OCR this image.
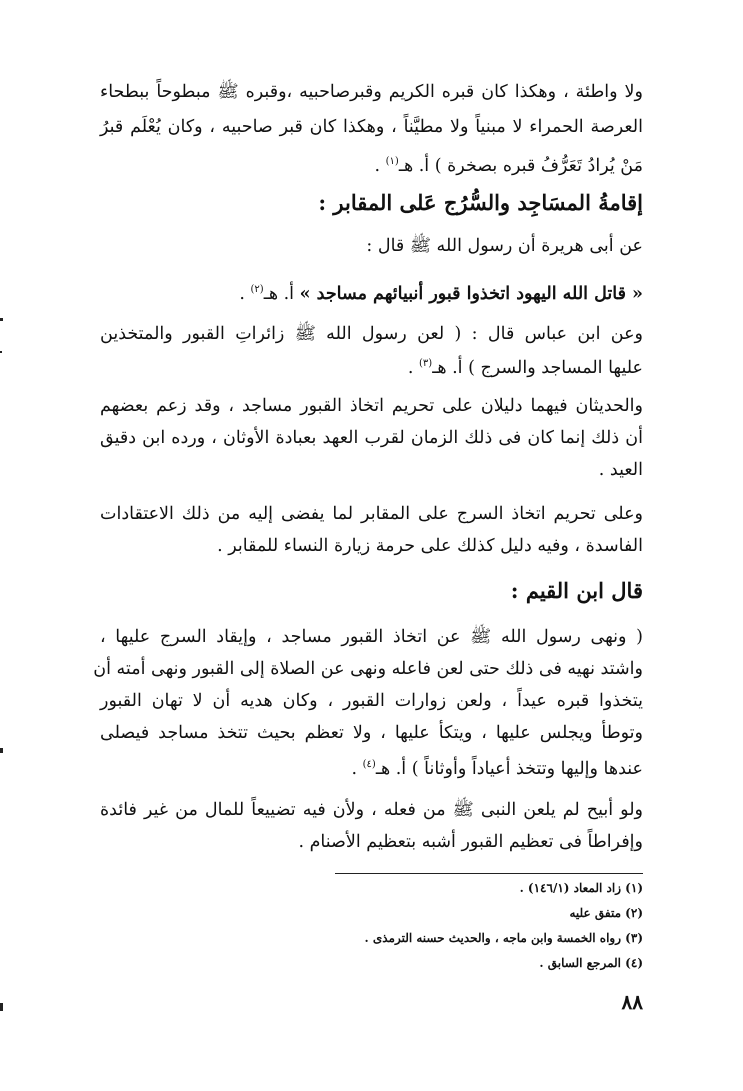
ولا واطئة ، وهكذا كان قبره الكريم وقبرصاحبيه ،وقبره ﷺ مبطوحاً ببطحاء
العرصة الحمراء لا مبنياً ولا مطيَّناً ، وهكذا كان قبر صاحبيه ، وكان يُعْلَم قبرُ
مَنْ يُرادُ تَعَرُّفُ قبره بصخرة ) أ. هـ$^{(١)}$ .
إقامةُ المسَاجِد والسُّرُج عَلى المقابر :
عن أبى هريرة أن رسول الله ﷺ قال :
« قاتل الله اليهود اتخذوا قبور أنبيائهم مساجد » أ. هـ$^{(٢)}$ .
وعن ابن عباس قال : ( لعن رسول الله ﷺ زائراتِ القبور والمتخذين
عليها المساجد والسرج ) أ. هـ$^{(٣)}$ .
والحديثان فيهما دليلان على تحريم اتخاذ القبور مساجد ، وقد زعم بعضهم
أن ذلك إنما كان فى ذلك الزمان لقرب العهد بعبادة الأوثان ، ورده ابن دقيق
العيد .
وعلى تحريم اتخاذ السرج على المقابر لما يفضى إليه من ذلك الاعتقادات
الفاسدة ، وفيه دليل كذلك على حرمة زيارة النساء للمقابر .
قال ابن القيم :
( ونهى رسول الله ﷺ عن اتخاذ القبور مساجد ، وإيقاد السرج عليها ،
واشتد نهيه فى ذلك حتى لعن فاعله ونهى عن الصلاة إلى القبور ونهى أمته أن
يتخذوا قبره عيداً ، ولعن زوارات القبور ، وكان هديه أن لا تهان القبور
وتوطأ ويجلس عليها ، ويتكأ عليها ، ولا تعظم بحيث تتخذ مساجد فيصلى
عندها وإليها وتتخذ أعياداً وأوثاناً ) أ. هـ$^{(٤)}$ .
ولو أبيح لم يلعن النبى ﷺ من فعله ، ولأن فيه تضييعاً للمال من غير فائدة
وإفراطاً فى تعظيم القبور أشبه بتعظيم الأصنام .
(١) زاد المعاد (١٤٦/١) .
(٢) متفق عليه
(٣) رواه الخمسة وابن ماجه ، والحديث حسنه الترمذى .
(٤) المرجع السابق .
٨٨
